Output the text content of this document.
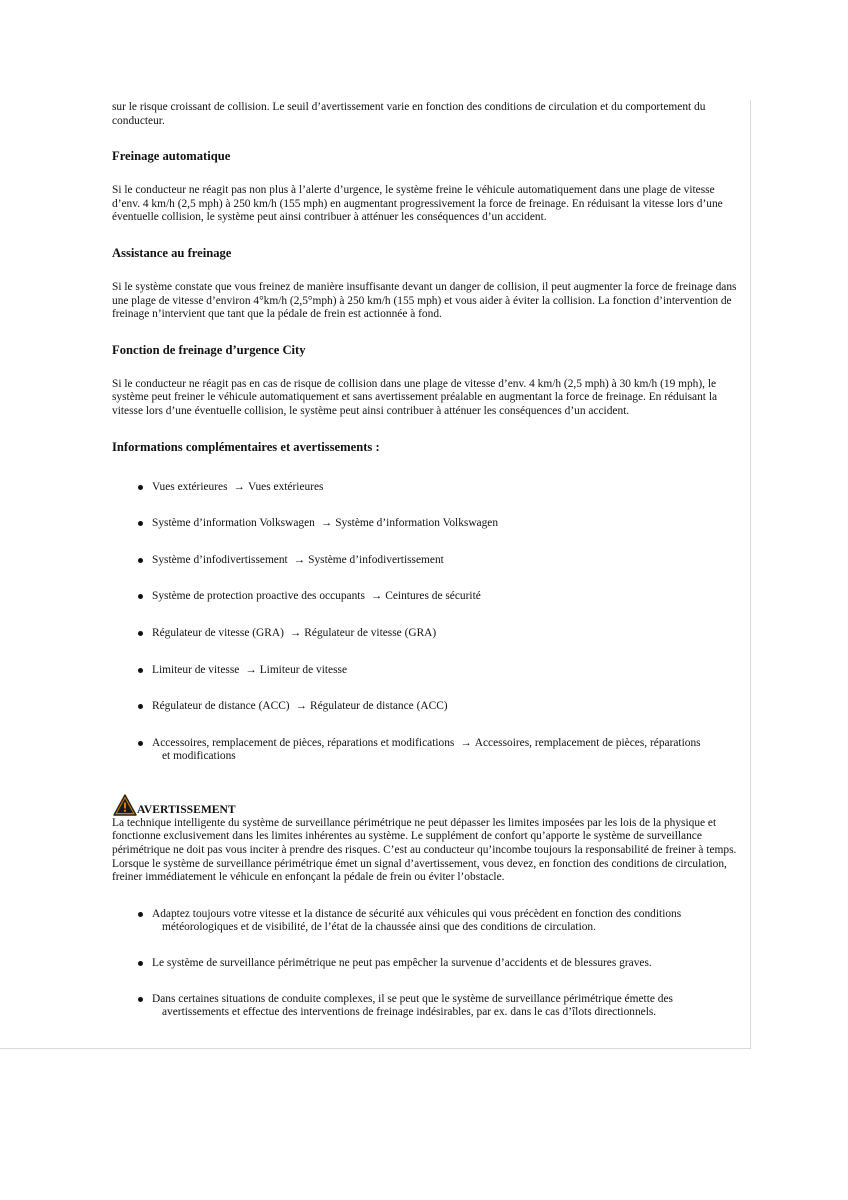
sur le risque croissant de collision. Le seuil d’avertissement varie en fonction des conditions de circulation et du comportement du conducteur.

Freinage automatique

Si le conducteur ne réagit pas non plus à l’alerte d’urgence, le système freine le véhicule automatiquement dans une plage de vitesse d’env. 4 km/h (2,5 mph) à 250 km/h (155 mph) en augmentant progressivement la force de freinage. En réduisant la vitesse lors d’une éventuelle collision, le système peut ainsi contribuer à atténuer les conséquences d’un accident.

Assistance au freinage

Si le système constate que vous freinez de manière insuffisante devant un danger de collision, il peut augmenter la force de freinage dans une plage de vitesse d’environ 4°km/h (2,5°mph) à 250 km/h (155 mph) et vous aider à éviter la collision. La fonction d’intervention de freinage n’intervient que tant que la pédale de frein est actionnée à fond.

Fonction de freinage d’urgence City

Si le conducteur ne réagit pas en cas de risque de collision dans une plage de vitesse d’env. 4 km/h (2,5 mph) à 30 km/h (19 mph), le système peut freiner le véhicule automatiquement et sans avertissement préalable en augmentant la force de freinage. En réduisant la vitesse lors d’une éventuelle collision, le système peut ainsi contribuer à atténuer les conséquences d’un accident.

Informations complémentaires et avertissements :
Vues extérieures → Vues extérieures
Système d’information Volkswagen → Système d’information Volkswagen
Système d’infodivertissement → Système d’infodivertissement
Système de protection proactive des occupants → Ceintures de sécurité
Régulateur de vitesse (GRA) → Régulateur de vitesse (GRA)
Limiteur de vitesse → Limiteur de vitesse
Régulateur de distance (ACC) → Régulateur de distance (ACC)
Accessoires, remplacement de pièces, réparations et modifications → Accessoires, remplacement de pièces, réparations
et modifications
AVERTISSEMENT

La technique intelligente du système de surveillance périmétrique ne peut dépasser les limites imposées par les lois de la physique et fonctionne exclusivement dans les limites inhérentes au système. Le supplément de confort qu’apporte le système de surveillance périmétrique ne doit pas vous inciter à prendre des risques. C’est au conducteur qu’incombe toujours la responsabilité de freiner à temps. Lorsque le système de surveillance périmétrique émet un signal d’avertissement, vous devez, en fonction des conditions de circulation, freiner immédiatement le véhicule en enfonçant la pédale de frein ou éviter l’obstacle.

Adaptez toujours votre vitesse et la distance de sécurité aux véhicules qui vous précèdent en fonction des conditions
météorologiques et de visibilité, de l’état de la chaussée ainsi que des conditions de circulation.
Le système de surveillance périmétrique ne peut pas empêcher la survenue d’accidents et de blessures graves.
Dans certaines situations de conduite complexes, il se peut que le système de surveillance périmétrique émette des
avertissements et effectue des interventions de freinage indésirables, par ex. dans le cas d’îlots directionnels.
